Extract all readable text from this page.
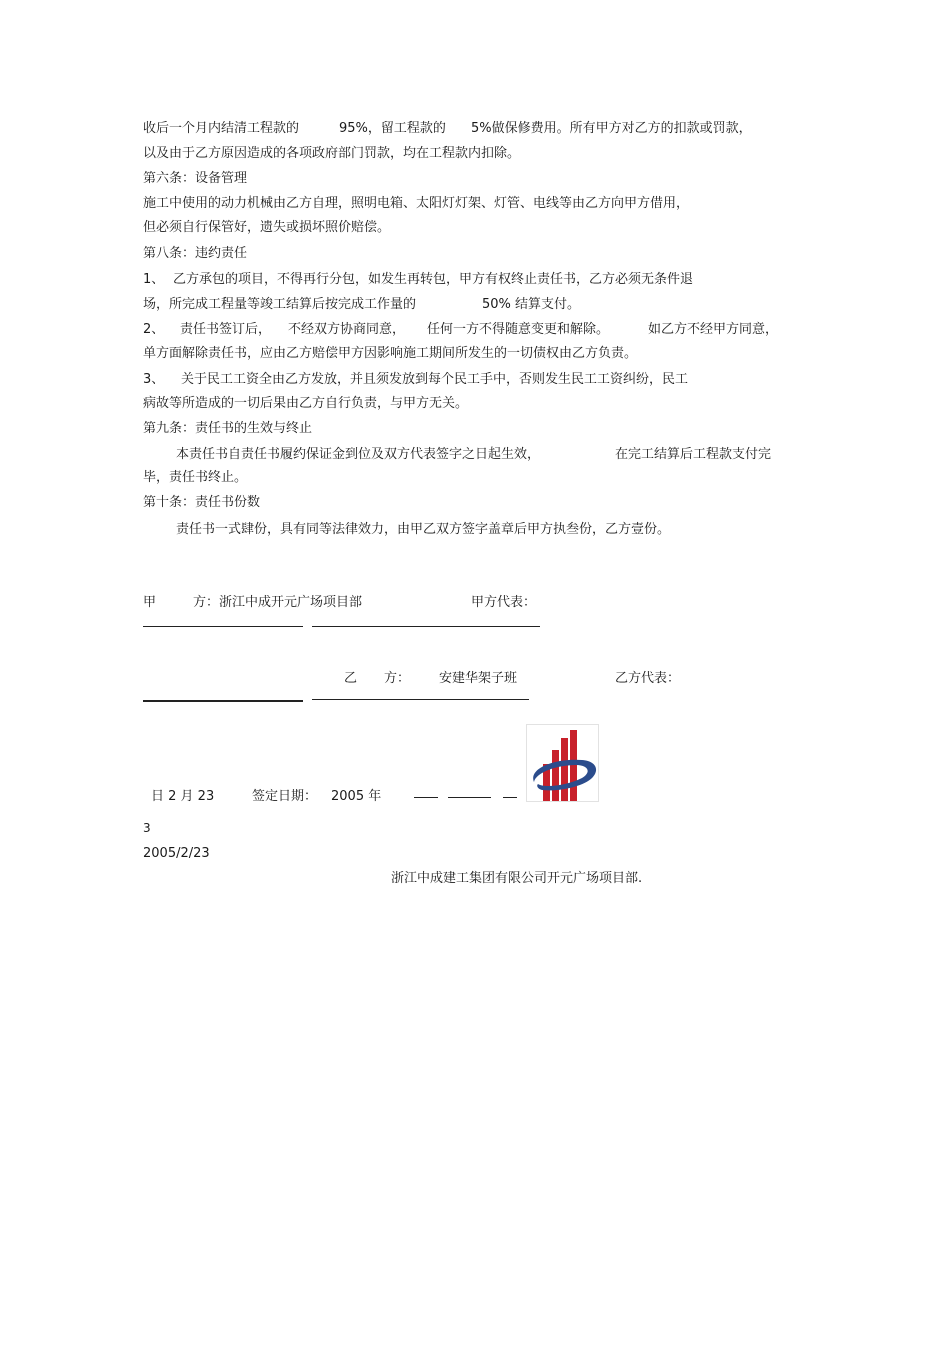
收后一个月内结清工程款的	95%，留工程款的 5%做保修费用。所有甲方对乙方的扣款或罚款，
以及由于乙方原因造成的各项政府部门罚款，均在工程款内扣除。
第六条：设备管理
施工中使用的动力机械由乙方自理，照明电箱、太阳灯灯架、灯管、电线等由乙方向甲方借用，
但必须自行保管好，遗失或损坏照价赔偿。
第八条：违约责任
1、 乙方承包的项目，不得再行分包，如发生再转包，甲方有权终止责任书，乙方必须无条件退
场，所完成工程量等竣工结算后按完成工作量的	50% 结算支付。
2、 责任书签订后， 不经双方协商同意， 任何一方不得随意变更和解除。	如乙方不经甲方同意，
单方面解除责任书，应由乙方赔偿甲方因影响施工期间所发生的一切债权由乙方负责。
3、 关于民工工资全由乙方发放，并且须发放到每个民工手中，否则发生民工工资纠纷，民工
病故等所造成的一切后果由乙方自行负责，与甲方无关。
第九条：责任书的生效与终止
本责任书自责任书履约保证金到位及双方代表签字之日起生效，	在完工结算后工程款支付完
毕，责任书终止。
第十条：责任书份数
责任书一式肆份，具有同等法律效力，由甲乙双方签字盖章后甲方执叁份，乙方壹份。
甲	方：浙江中成开元广场项目部	甲方代表：
乙 方： 安建华架子班	乙方代表：
日 2 月 23	签定日期： 2005 年
3
2005/2/23
浙江中成建工集团有限公司开元广场项目部.
